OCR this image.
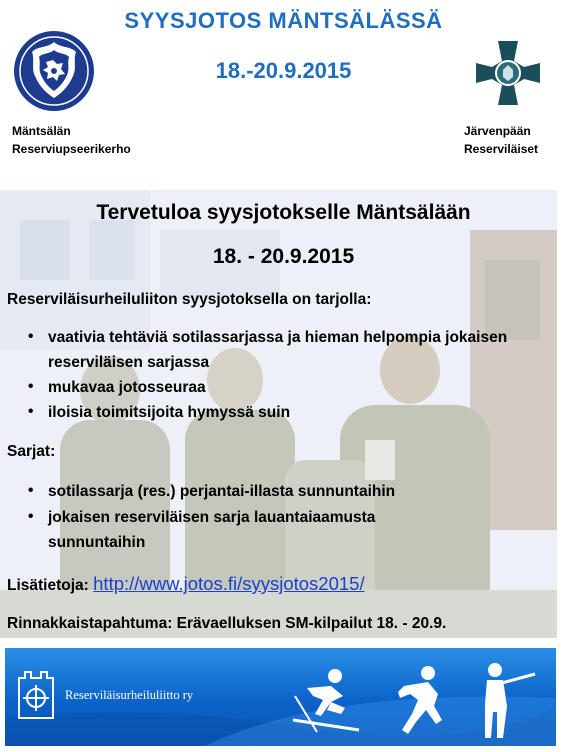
SYYSJOTOS MÄNTSÄLÄSSÄ
18.-20.9.2015
Mäntsälän
Reserviupseerikerho
Järvenpään
Reserviläiset
Tervetuloa syysjotokselle Mäntsälään
18. - 20.9.2015
Reserviläisurheiluliiton syysjotoksella on tarjolla:
• vaativia tehtäviä sotilassarjassa ja hieman helpompia jokaisen reserviläisen sarjassa
• mukavaa jotosseuraa
• iloisia toimitsijoita hymyssä suin
Sarjat:
• sotilassarja (res.) perjantai-illasta sunnuntaihin
• jokaisen reserviläisen sarja lauantaiaamusta sunnuntaihin
Lisätietoja: http://www.jotos.fi/syysjotos2015/
Rinnakkaistapahtuma: Erävaelluksen SM-kilpailut 18. - 20.9.
Reserviläisurheiluliitto ry
